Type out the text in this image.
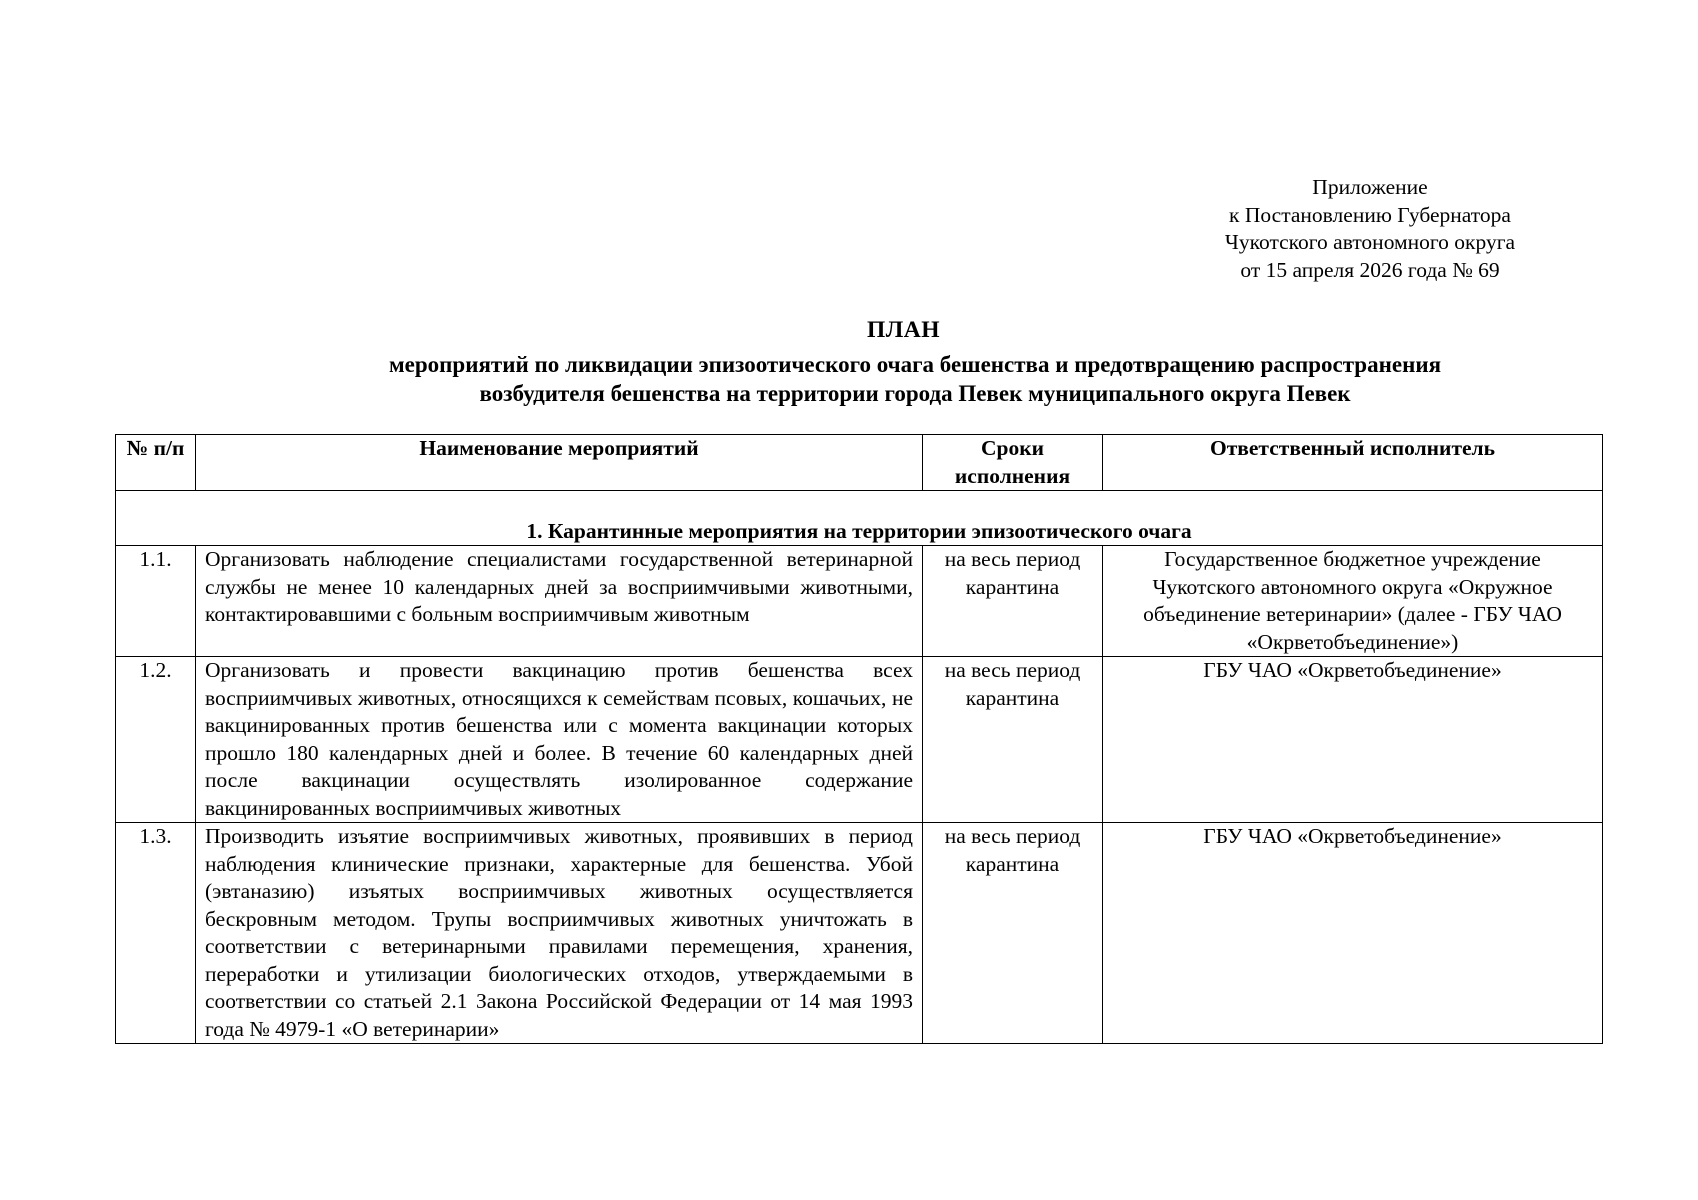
Приложение
к Постановлению Губернатора
Чукотского автономного округа
от 15 апреля 2026 года № 69
ПЛАН
мероприятий по ликвидации эпизоотического очага бешенства и предотвращению распространения
возбудителя бешенства на территории города Певек муниципального округа Певек
№ п/п	Наименование мероприятий	Сроки исполнения	Ответственный исполнитель
1. Карантинные мероприятия на территории эпизоотического очага			
1.1.	Организовать наблюдение специалистами государственной ветеринарной службы не менее 10 календарных дней за восприимчивыми животными, контактировавшими с больным восприимчивым животным	на весь период карантина	Государственное бюджетное учреждение Чукотского автономного округа «Окружное объединение ветеринарии» (далее - ГБУ ЧАО «Окрветобъединение»)
1.2.	Организовать и провести вакцинацию против бешенства всех восприимчивых животных, относящихся к семействам псовых, кошачьих, не вакцинированных против бешенства или с момента вакцинации которых прошло 180 календарных дней и более. В течение 60 календарных дней после вакцинации осуществлять изолированное содержание вакцинированных восприимчивых животных	на весь период карантина	ГБУ ЧАО «Окрветобъединение»
1.3.	Производить изъятие восприимчивых животных, проявивших в период наблюдения клинические признаки, характерные для бешенства. Убой (эвтаназию) изъятых восприимчивых животных осуществляется бескровным методом. Трупы восприимчивых животных уничтожать в соответствии с ветеринарными правилами перемещения, хранения, переработки и утилизации биологических отходов, утверждаемыми в соответствии со статьей 2.1 Закона Российской Федерации от 14 мая 1993 года № 4979-1 «О ветеринарии»	на весь период карантина	ГБУ ЧАО «Окрветобъединение»
